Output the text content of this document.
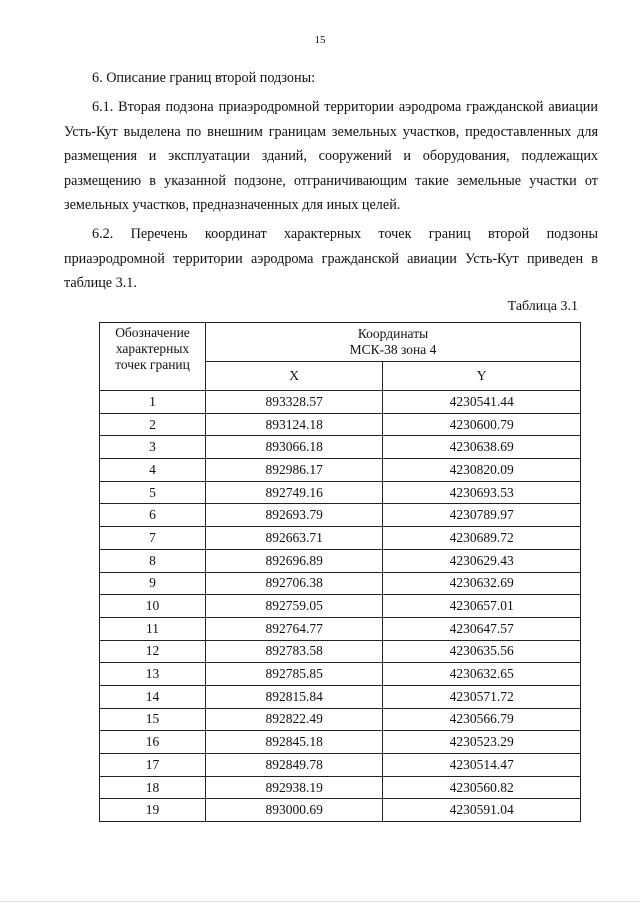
15
6. Описание границ второй подзоны:
6.1. Вторая подзона приаэродромной территории аэродрома гражданской авиации Усть-Кут выделена по внешним границам земельных участков, предоставленных для размещения и эксплуатации зданий, сооружений и оборудования, подлежащих размещению в указанной подзоне, отграничивающим такие земельные участки от земельных участков, предназначенных для иных целей.
6.2. Перечень координат характерных точек границ второй подзоны приаэродромной территории аэродрома гражданской авиации Усть-Кут приведен в таблице 3.1.
Таблица 3.1
Обозначение характерных точек границ	Координаты
МСК-38 зона 4	
	X	Y
1	893328.57	4230541.44
2	893124.18	4230600.79
3	893066.18	4230638.69
4	892986.17	4230820.09
5	892749.16	4230693.53
6	892693.79	4230789.97
7	892663.71	4230689.72
8	892696.89	4230629.43
9	892706.38	4230632.69
10	892759.05	4230657.01
11	892764.77	4230647.57
12	892783.58	4230635.56
13	892785.85	4230632.65
14	892815.84	4230571.72
15	892822.49	4230566.79
16	892845.18	4230523.29
17	892849.78	4230514.47
18	892938.19	4230560.82
19	893000.69	4230591.04
